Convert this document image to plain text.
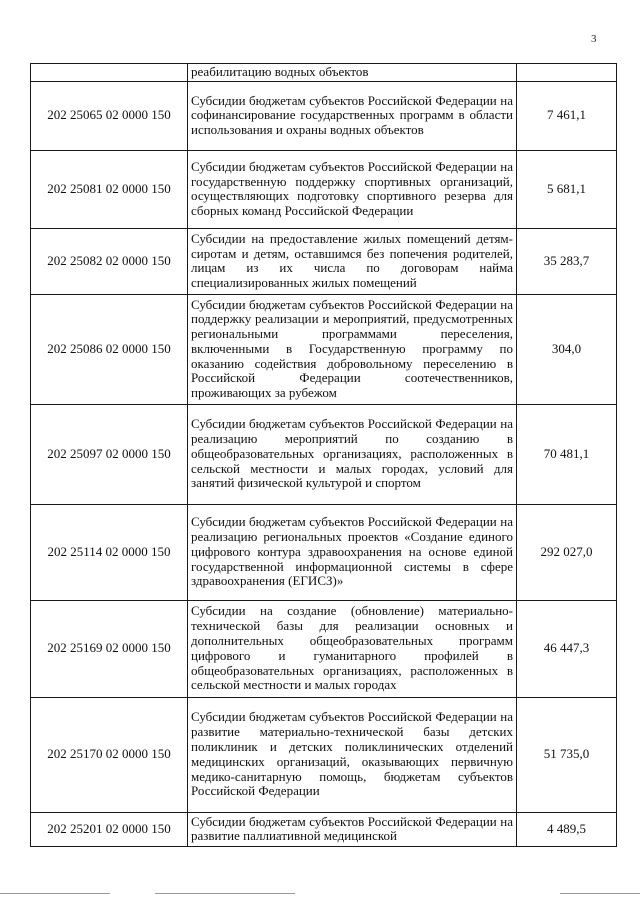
3
	реабилитацию водных объектов	
202 25065 02 0000 150	Субсидии бюджетам субъектов Российской Федерации на софинансирование государственных программ в области использования и охраны водных объектов	7 461,1
202 25081 02 0000 150	Субсидии бюджетам субъектов Российской Федерации на государственную поддержку спортивных организаций, осуществляющих подготовку спортивного резерва для сборных команд Российской Федерации	5 681,1
202 25082 02 0000 150	Субсидии на предоставление жилых помещений детям-сиротам и детям, оставшимся без попечения родителей, лицам из их числа по договорам найма специализированных жилых помещений	35 283,7
202 25086 02 0000 150	Субсидии бюджетам субъектов Российской Федерации на поддержку реализации и мероприятий, предусмотренных региональными программами переселения, включенными в Государственную программу по оказанию содействия добровольному переселению в Российской Федерации соотечественников, проживающих за рубежом	304,0
202 25097 02 0000 150	Субсидии бюджетам субъектов Российской Федерации на реализацию мероприятий по созданию в общеобразовательных организациях, расположенных в сельской местности и малых городах, условий для занятий физической культурой и спортом	70 481,1
202 25114 02 0000 150	Субсидии бюджетам субъектов Российской Федерации на реализацию региональных проектов «Создание единого цифрового контура здравоохранения на основе единой государственной информационной системы в сфере здравоохранения (ЕГИСЗ)»	292 027,0
202 25169 02 0000 150	Субсидии на создание (обновление) материально-технической базы для реализации основных и дополнительных общеобразовательных программ цифрового и гуманитарного профилей в общеобразовательных организациях, расположенных в сельской местности и малых городах	46 447,3
202 25170 02 0000 150	Субсидии бюджетам субъектов Российской Федерации на развитие материально-технической базы детских поликлиник и детских поликлинических отделений медицинских организаций, оказывающих первичную медико-санитарную помощь, бюджетам субъектов Российской Федерации	51 735,0
202 25201 02 0000 150	Субсидии бюджетам субъектов Российской Федерации на развитие паллиативной медицинской	4 489,5
